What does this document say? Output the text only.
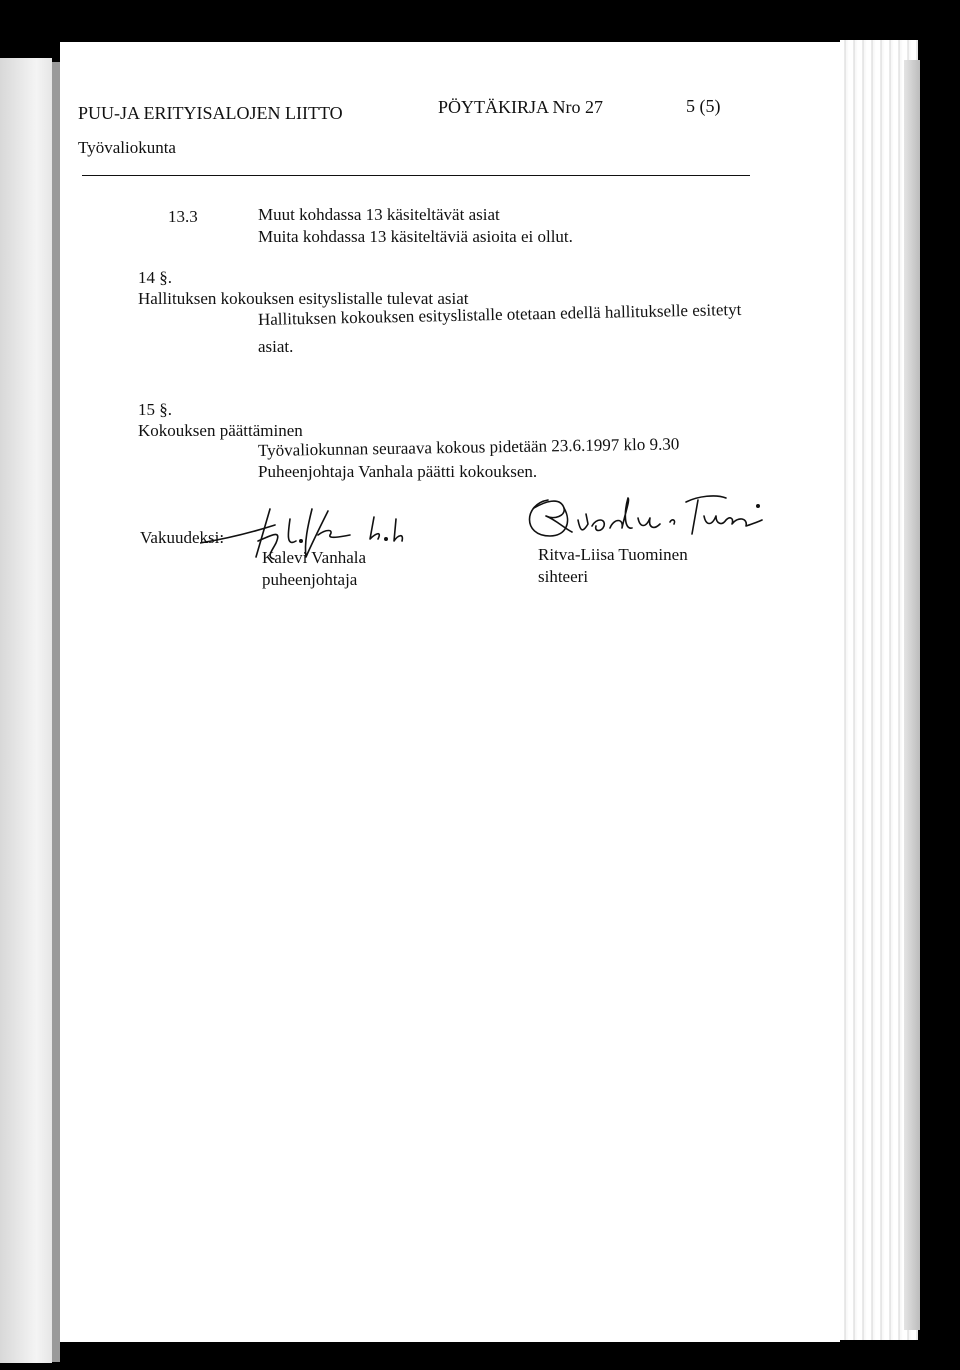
PUU-JA ERITYISALOJEN LIITTO	PÖYTÄKIRJA Nro 27	5 (5)
Työvaliokunta
13.3	Muut kohdassa 13 käsiteltävät asiat
Muita kohdassa 13 käsiteltäviä asioita ei ollut.
14 §.
Hallituksen kokouksen esityslistalle tulevat asiat
Hallituksen kokouksen esityslistalle otetaan edellä hallitukselle esitetyt
asiat.
15 §.
Kokouksen päättäminen
Työvaliokunnan seuraava kokous pidetään 23.6.1997 klo 9.30
Puheenjohtaja Vanhala päätti kokouksen.
Vakuudeksi:
Kalevi Vanhala
puheenjohtaja
Ritva-Liisa Tuominen
sihteeri
